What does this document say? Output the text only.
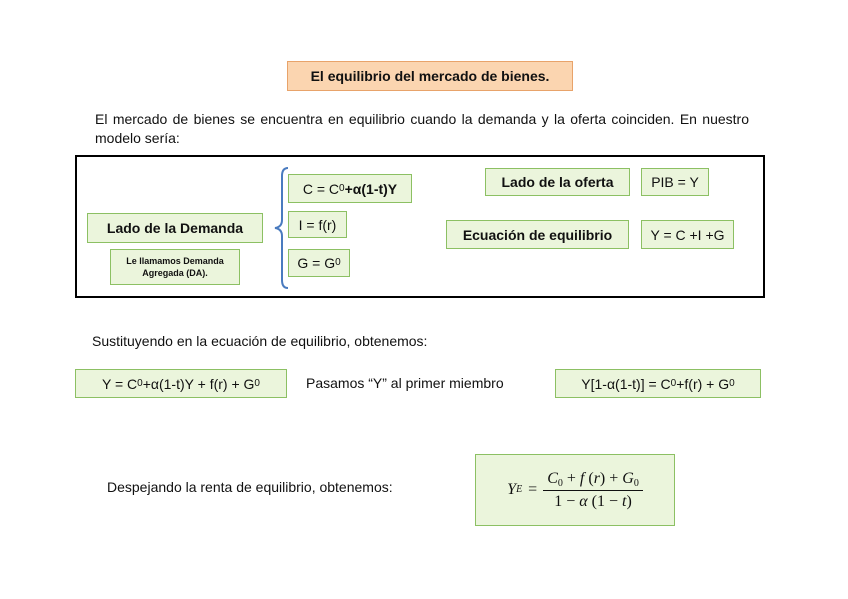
El equilibrio del mercado de bienes.
El mercado de bienes se encuentra en equilibrio cuando la demanda y la oferta coinciden. En nuestro modelo sería:
Lado de la Demanda
Le llamamos Demanda Agregada (DA).
C = C 0 +α(1-t)Y
I = f(r)
G = G 0
Lado de la oferta	PIB = Y
Ecuación de equilibrio	Y = C +I +G
Sustituyendo en la ecuación de equilibrio, obtenemos:
Y = C 0 +α(1-t)Y + f(r) + G 0	Pasamos “Y” al primer miembro	Y[1-α(1-t)] = C 0 +f(r) + G 0
Despejando la renta de equilibrio, obtenemos:	Y $E = \frac{C_0 + f (r) + G_0}{1 - \alpha (1 - t)}$
